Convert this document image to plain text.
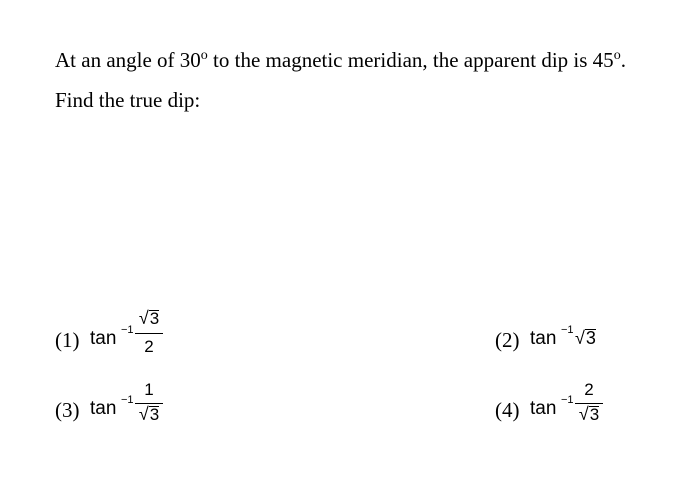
At an angle of 30$^o$ to the magnetic meridian, the apparent dip is 45$^o$. Find the true dip:

(1) tan −1
√3
2	(2) tan −1 √3
(3) tan −1
1
√3	(4) tan −1
2
√3
